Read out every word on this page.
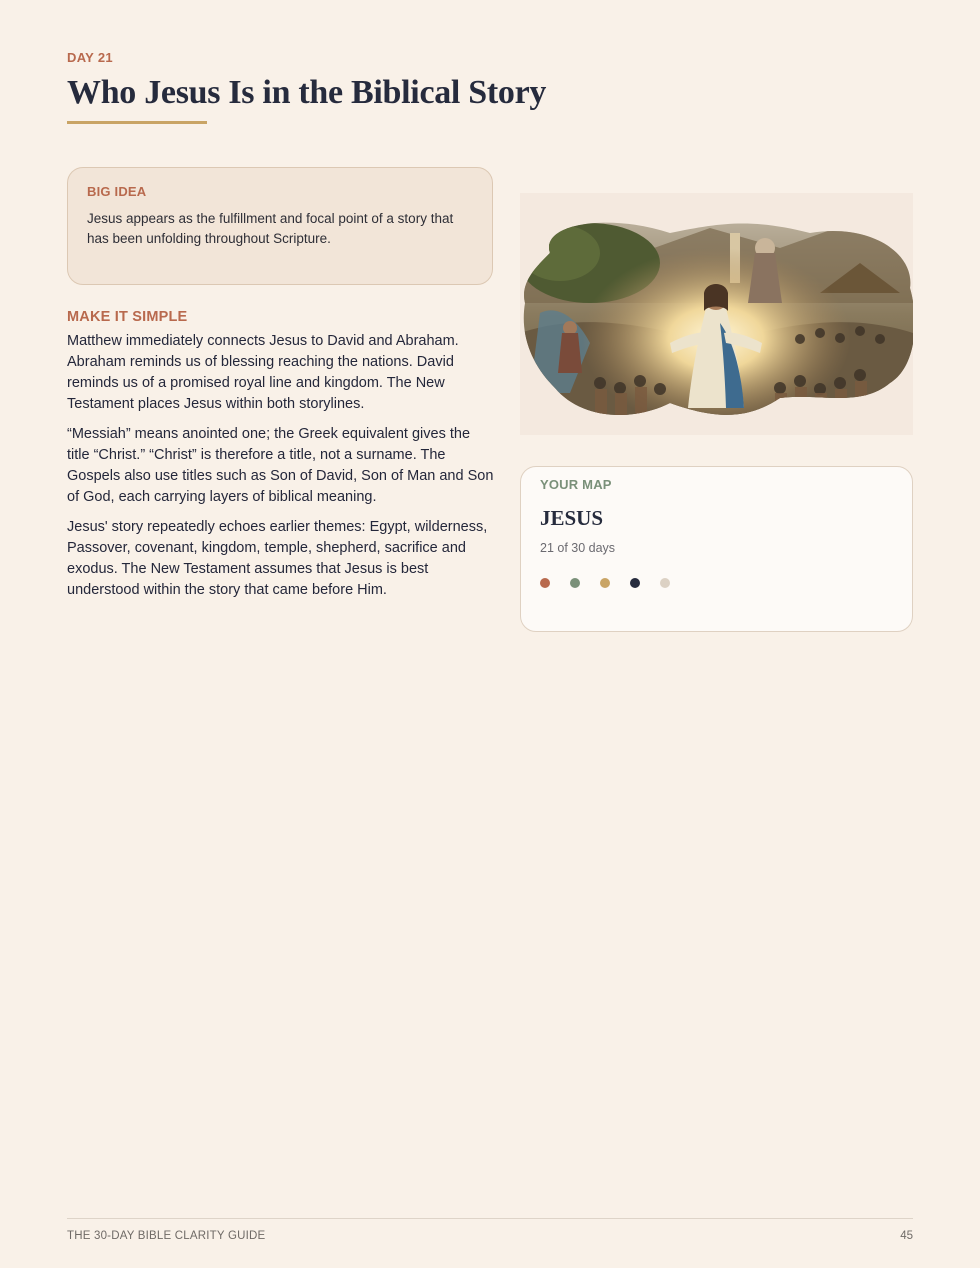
DAY 21
Who Jesus Is in the Biblical Story
BIG IDEA

Jesus appears as the fulfillment and focal point of a story that has been unfolding throughout Scripture.

MAKE IT SIMPLE

Matthew immediately connects Jesus to David and Abraham. Abraham reminds us of blessing reaching the nations. David reminds us of a promised royal line and kingdom. The New Testament places Jesus within both storylines.

“Messiah” means anointed one; the Greek equivalent gives the title “Christ.” “Christ” is therefore a title, not a surname. The Gospels also use titles such as Son of David, Son of Man and Son of God, each carrying layers of biblical meaning.

Jesus' story repeatedly echoes earlier themes: Egypt, wilderness, Passover, covenant, kingdom, temple, shepherd, sacrifice and exodus. The New Testament assumes that Jesus is best understood within the story that came before Him.

YOUR MAP
JESUS
21 of 30 days
THE 30-DAY BIBLE CLARITY GUIDE	45
